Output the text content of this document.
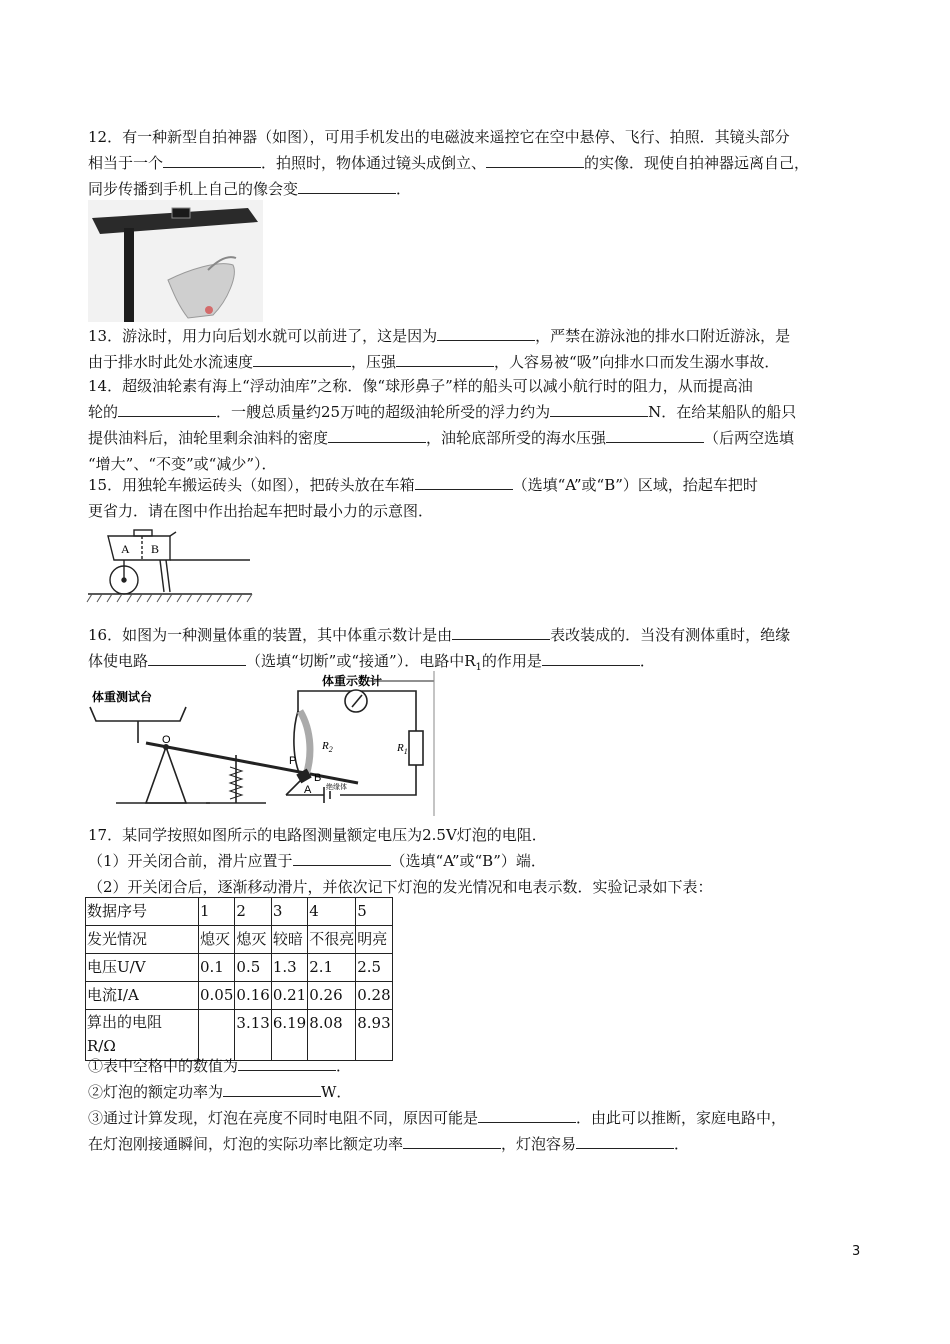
12．有一种新型自拍神器（如图），可用手机发出的电磁波来遥控它在空中悬停、飞行、拍照．其镜头部分

相当于一个	．拍照时，物体通过镜头成倒立、	的实像．现使自拍神器远离自己，

同步传播到手机上自己的像会变	．

13．游泳时，用力向后划水就可以前进了，这是因为	，严禁在游泳池的排水口附近游泳，是

由于排水时此处水流速度	，压强	，人容易被“吸”向排水口而发生溺水事故．

14．超级油轮素有海上“浮动油库”之称．像“球形鼻子”样的船头可以减小航行时的阻力，从而提高油

轮的	．一艘总质量约25万吨的超级油轮所受的浮力约为	N．在给某船队的船只

提供油料后，油轮里剩余油料的密度	，油轮底部所受的海水压强	（后两空选填

“增大”、“不变”或“减少”）．

15．用独轮车搬运砖头（如图），把砖头放在车箱	（选填“A”或“B”）区域，抬起车把时

更省力．请在图中作出抬起车把时最小力的示意图．

A B

16．如图为一种测量体重的装置，其中体重示数计是由	表改装成的．当没有测体重时，绝缘

体使电路	（选填“切断”或“接通”）．电路中$R_1$的作用是	．

体重测试台
体重示数计
O
P
B
A 绝缘体
$R_2$	$R_1$

17．某同学按照如图所示的电路图测量额定电压为2.5V灯泡的电阻．

（1）开关闭合前，滑片应置于	（选填“A”或“B”）端．

（2）开关闭合后，逐渐移动滑片，并依次记下灯泡的发光情况和电表示数．实验记录如下表：

数据序号	1	2	3	4	5
发光情况	熄灭	熄灭	较暗	不很亮	明亮
电压U/V	0.1	0.5	1.3	2.1	2.5
电流I/A	0.05	0.16	0.21	0.26	0.28

算出的电阻
R/Ω		3.13	6.19	8.08	8.93

①表中空格中的数值为	．

②灯泡的额定功率为	W．

③通过计算发现，灯泡在亮度不同时电阻不同，原因可能是	．由此可以推断，家庭电路中，

在灯泡刚接通瞬间，灯泡的实际功率比额定功率	，灯泡容易	．

3
